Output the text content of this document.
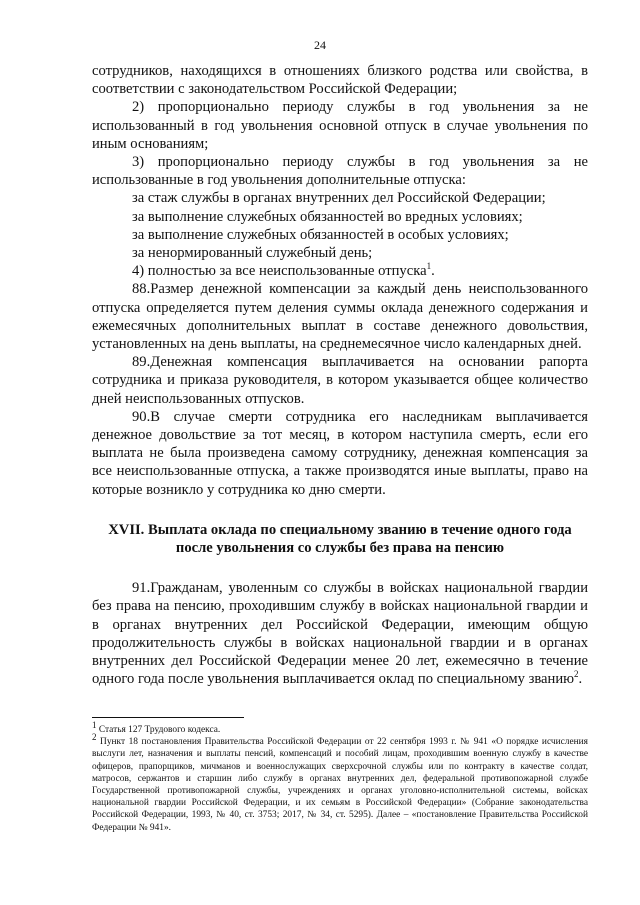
24

сотрудников, находящихся в отношениях близкого родства или свойства, в соответствии с законодательством Российской Федерации;

2) пропорционально периоду службы в год увольнения за не использованный в год увольнения основной отпуск в случае увольнения по иным основаниям;

3) пропорционально периоду службы в год увольнения за не использованные в год увольнения дополнительные отпуска:

за стаж службы в органах внутренних дел Российской Федерации;

за выполнение служебных обязанностей во вредных условиях;

за выполнение служебных обязанностей в особых условиях;

за ненормированный служебный день;

4) полностью за все неиспользованные отпуска$^1$.

88.Размер денежной компенсации за каждый день неиспользованного отпуска определяется путем деления суммы оклада денежного содержания и ежемесячных дополнительных выплат в составе денежного довольствия, установленных на день выплаты, на среднемесячное число календарных дней.

89.Денежная компенсация выплачивается на основании рапорта сотрудника и приказа руководителя, в котором указывается общее количество дней неиспользованных отпусков.

90.В случае смерти сотрудника его наследникам выплачивается денежное довольствие за тот месяц, в котором наступила смерть, если его выплата не была произведена самому сотруднику, денежная компенсация за все неиспользованные отпуска, а также производятся иные выплаты, право на которые возникло у сотрудника ко дню смерти.

XVII. Выплата оклада по специальному званию в течение одного года после увольнения со службы без права на пенсию

91.Гражданам, уволенным со службы в войсках национальной гвардии без права на пенсию, проходившим службу в войсках национальной гвардии и в органах внутренних дел Российской Федерации, имеющим общую продолжительность службы в войсках национальной гвардии и в органах внутренних дел Российской Федерации менее 20 лет, ежемесячно в течение одного года после увольнения выплачивается оклад по специальному званию$^2$.

$^1$ Статья 127 Трудового кодекса.

$^2$ Пункт 18 постановления Правительства Российской Федерации от 22 сентября 1993 г. № 941 «О порядке исчисления выслуги лет, назначения и выплаты пенсий, компенсаций и пособий лицам, проходившим военную службу в качестве офицеров, прапорщиков, мичманов и военнослужащих сверхсрочной службы или по контракту в качестве солдат, матросов, сержантов и старшин либо службу в органах внутренних дел, федеральной противопожарной службе Государственной противопожарной службы, учреждениях и органах уголовно-исполнительной системы, войсках национальной гвардии Российской Федерации, и их семьям в Российской Федерации» (Собрание законодательства Российской Федерации, 1993, № 40, ст. 3753; 2017, № 34, ст. 5295). Далее – «постановление Правительства Российской Федерации № 941».
